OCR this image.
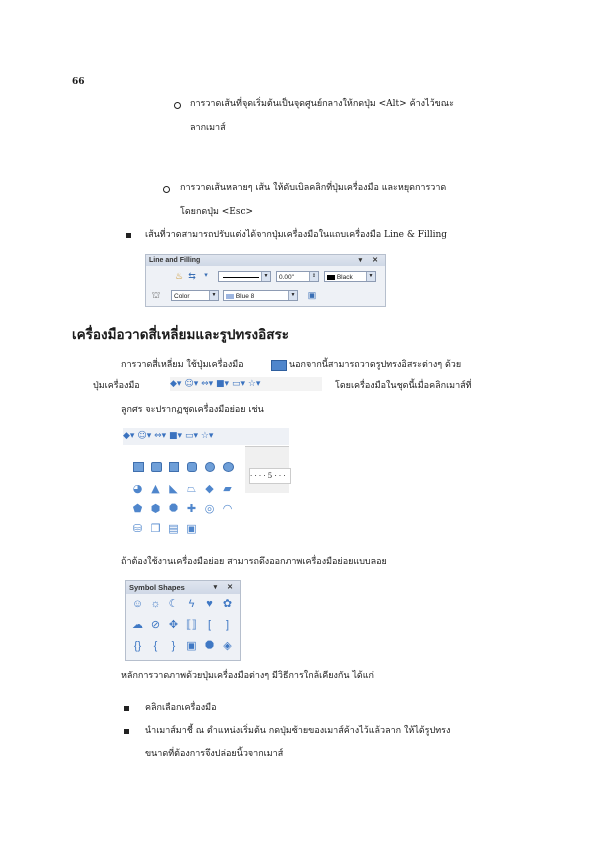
66
การวาดเส้นที่จุดเริ่มต้นเป็นจุดศูนย์กลางให้กดปุ่ม <Alt> ค้างไว้ขณะ
ลากเมาส์
การวาดเส้นหลายๆ เส้น ให้ดับเบิลคลิกที่ปุ่มเครื่องมือ และหยุดการวาด
โดยกดปุ่ม <Esc>
เส้นที่วาดสามารถปรับแต่งได้จากปุ่มเครื่องมือในแถบเครื่องมือ Line & Filling
Line and Filling	▾ ✕
♨ ⇆	▾	▼	0.00"	⇕	Black	▼
⛫	Color	▼	Blue 8	▼ ▣
เครื่องมือวาดสี่เหลี่ยมและรูปทรงอิสระ
การวาดสี่เหลี่ยม ใช้ปุ่มเครื่องมือ	นอกจากนี้สามารถวาดรูปทรงอิสระต่างๆ ด้วย
ปุ่มเครื่องมือ	◆▾ ☺▾ ⇔▾ ■▾ ▭▾ ☆▾	โดยเครื่องมือในชุดนี้เมื่อคลิกเมาส์ที่
ลูกศร จะปรากฏชุดเครื่องมือย่อย เช่น
◆▾ ☺▾ ⇔▾ ■▾ ▭▾ ☆▾
· · · · 5 · · ·
◕ ▲ ◣ ⏢ ◆ ▰
⬟ ⬢ ⯃ ✚ ◎ ◠
⛁ ❒ ▤ ▣
ถ้าต้องใช้งานเครื่องมือย่อย สามารถดึงออกภาพเครื่องมือย่อยแบบลอย
Symbol Shapes	▾ ✕
☺ ☼ ☾ ϟ	♥ ✿
☁ ⊘ ✥ ⟦⟧	[	]
{}	{	} ▣ ⯃ ◈
หลักการวาดภาพด้วยปุ่มเครื่องมือต่างๆ มีวิธีการใกล้เคียงกัน ได้แก่
คลิกเลือกเครื่องมือ
นำเมาส์มาชี้ ณ ตำแหน่งเริ่มต้น กดปุ่มซ้ายของเมาส์ค้างไว้แล้วลาก ให้ได้รูปทรง
ขนาดที่ต้องการจึงปล่อยนิ้วจากเมาส์
